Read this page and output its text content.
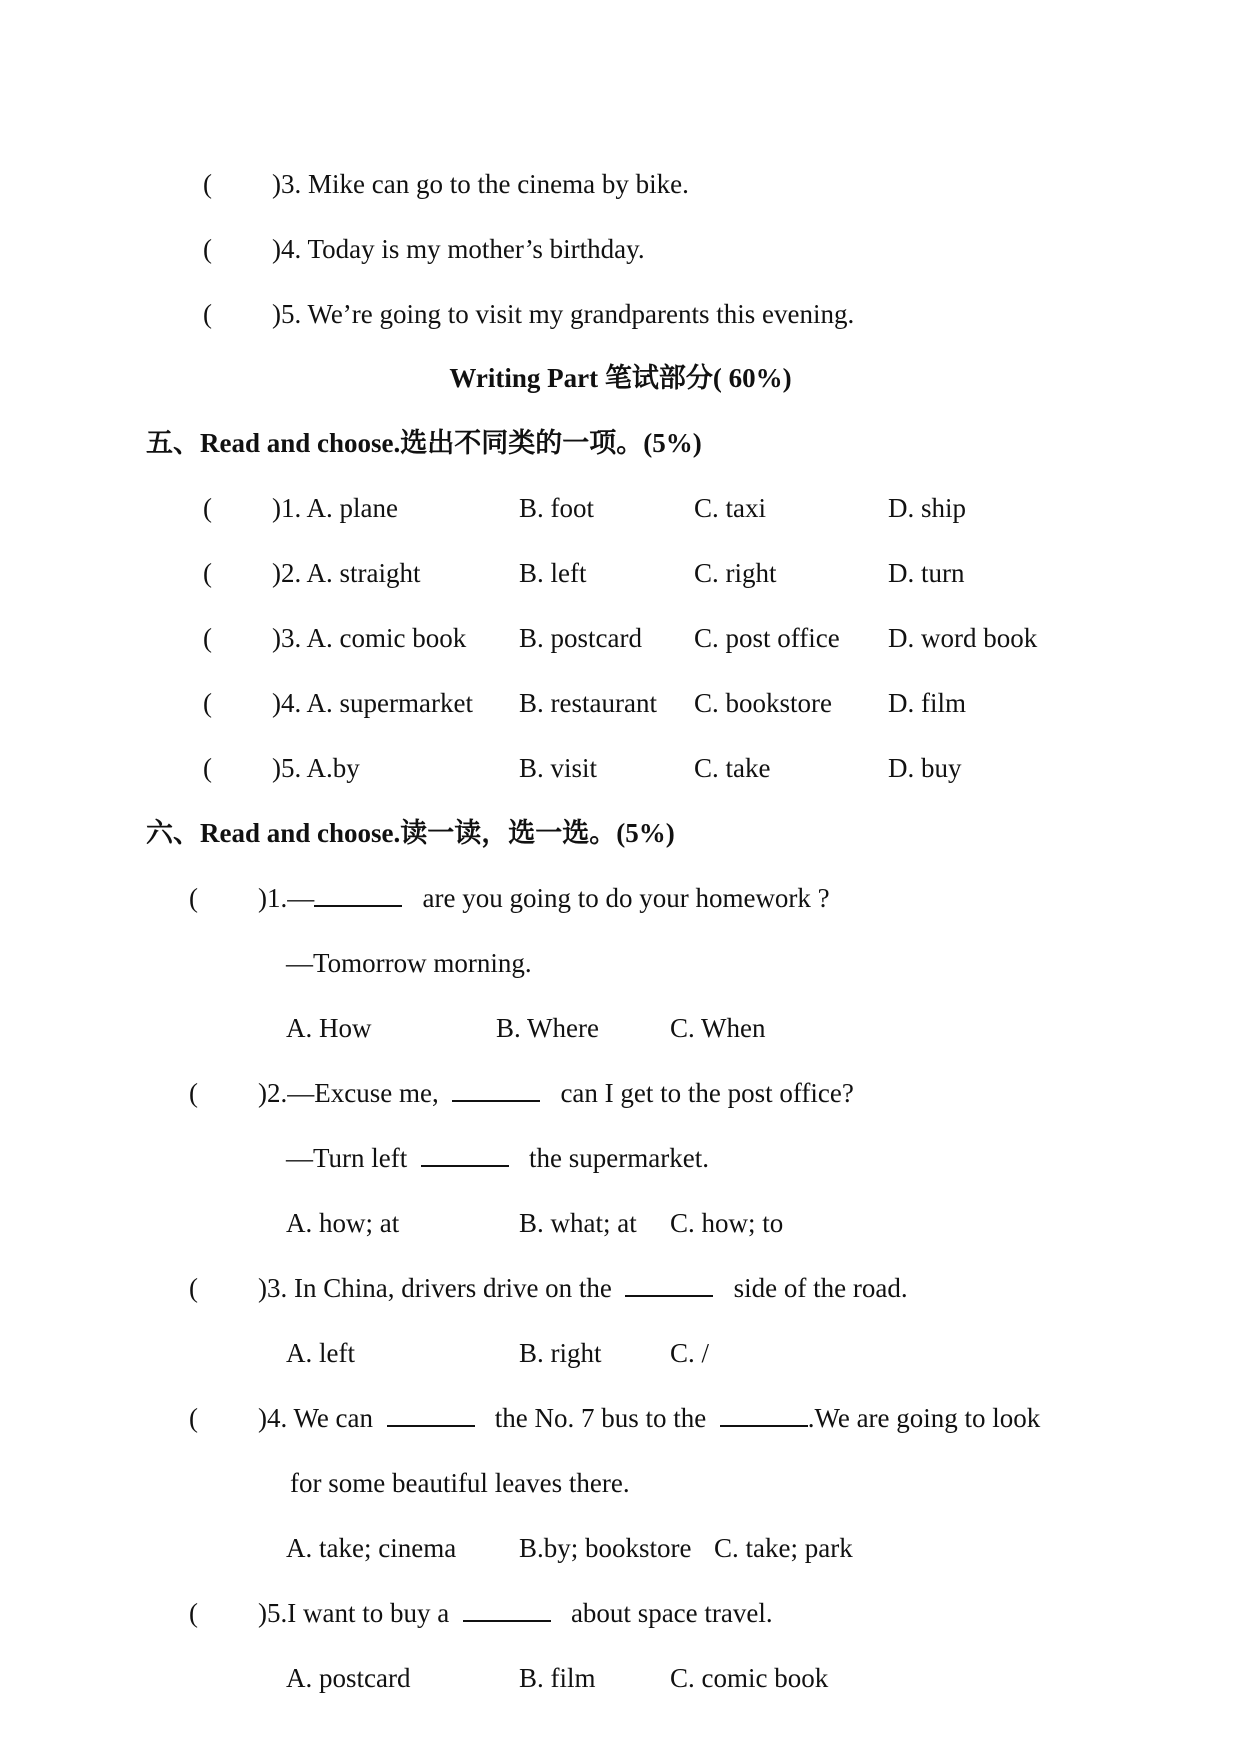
( )3. Mike can go to the cinema by bike.
( )4. Today is my mother’s birthday.
( )5. We’re going to visit my grandparents this evening.
Writing Part 笔试部分( 60%)
五、Read and choose.选出不同类的一项。(5%)
( )1. A. plane	B. foot	C. taxi	D. ship
( )2. A. straight	B. left	C. right	D. turn
( )3. A. comic book B. postcard C. post office D. word book
( )4. A. supermarket B. restaurant C. bookstore D. film
( )5. A.by	B. visit	C. take	D. buy
六、Read and choose.读一读，选一选。(5%)
( )1.—	are you going to do your homework ?
—Tomorrow morning.
A. How	B. Where	C. When
( )2.—Excuse me,	can I get to the post office?
—Turn left	the supermarket.
A. how; at	B. what; at C. how; to
( )3. In China, drivers drive on the	side of the road.
A. left	B. right	C. /
( )4. We can	the No. 7 bus to the	.We are going to look
for some beautiful leaves there.
A. take; cinema B.by; bookstore C. take; park
( )5.I want to buy a	about space travel.
A. postcard	B. film	C. comic book
